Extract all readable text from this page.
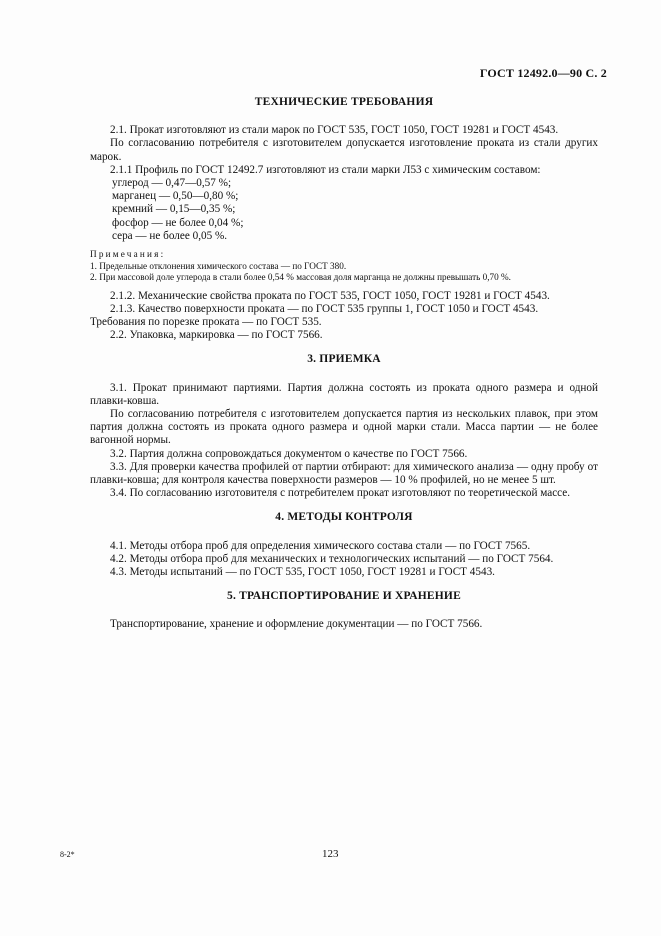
ГОСТ 12492.0—90 С. 2
ТЕХНИЧЕСКИЕ ТРЕБОВАНИЯ

2.1. Прокат изготовляют из стали марок по ГОСТ 535, ГОСТ 1050, ГОСТ 19281 и ГОСТ 4543.

По согласованию потребителя с изготовителем допускается изготовление проката из стали других марок.

2.1.1 Профиль по ГОСТ 12492.7 изготовляют из стали марки Л53 с химическим составом:

углерод — 0,47—0,57 %;
марганец — 0,50—0,80 %;
кремний — 0,15—0,35 %;
фосфор — не более 0,04 %;
сера — не более 0,05 %.
Примечания:
1. Предельные отклонения химического состава — по ГОСТ 380.
2. При массовой доле углерода в стали более 0,54 % массовая доля марганца не должны превышать 0,70 %.

2.1.2. Механические свойства проката по ГОСТ 535, ГОСТ 1050, ГОСТ 19281 и ГОСТ 4543.

2.1.3. Качество поверхности проката — по ГОСТ 535 группы 1, ГОСТ 1050 и ГОСТ 4543.

Требования по порезке проката — по ГОСТ 535.

2.2. Упаковка, маркировка — по ГОСТ 7566.

3. ПРИЕМКА

3.1. Прокат принимают партиями. Партия должна состоять из проката одного размера и одной плавки-ковша.

По согласованию потребителя с изготовителем допускается партия из нескольких плавок, при этом партия должна состоять из проката одного размера и одной марки стали. Масса партии — не более вагонной нормы.

3.2. Партия должна сопровождаться документом о качестве по ГОСТ 7566.

3.3. Для проверки качества профилей от партии отбирают: для химического анализа — одну пробу от плавки-ковша; для контроля качества поверхности размеров — 10 % профилей, но не менее 5 шт.

3.4. По согласованию изготовителя с потребителем прокат изготовляют по теоретической массе.

4. МЕТОДЫ КОНТРОЛЯ

4.1. Методы отбора проб для определения химического состава стали — по ГОСТ 7565.

4.2. Методы отбора проб для механических и технологических испытаний — по ГОСТ 7564.

4.3. Методы испытаний — по ГОСТ 535, ГОСТ 1050, ГОСТ 19281 и ГОСТ 4543.

5. ТРАНСПОРТИРОВАНИЕ И ХРАНЕНИЕ

Транспортирование, хранение и оформление документации — по ГОСТ 7566.

8-2*	123
